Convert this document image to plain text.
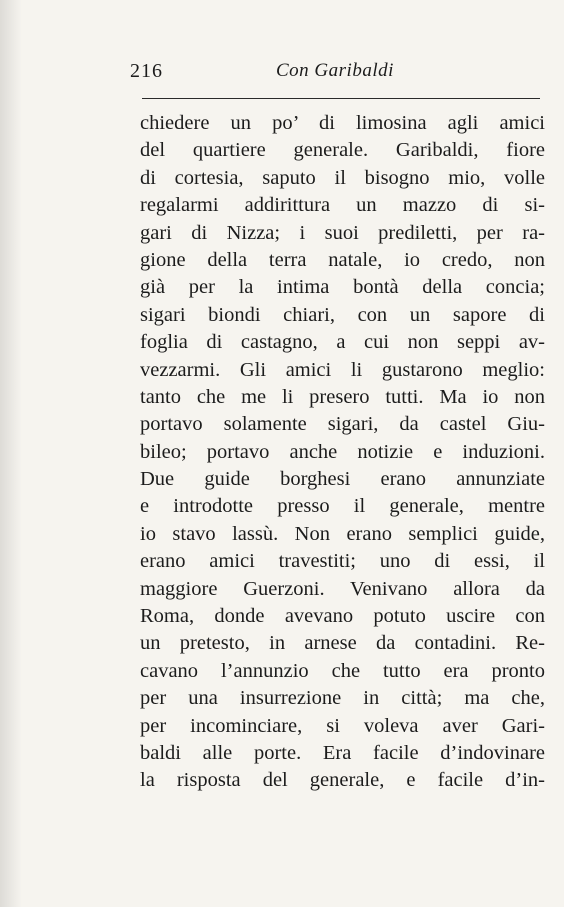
216	Con Garibaldi
chiedere un po’ di limosina agli amici
del quartiere generale. Garibaldi, fiore
di cortesia, saputo il bisogno mio, volle
regalarmi addirittura un mazzo di si-
gari di Nizza; i suoi prediletti, per ra-
gione della terra natale, io credo, non
già per la intima bontà della concia;
sigari biondi chiari, con un sapore di
foglia di castagno, a cui non seppi av-
vezzarmi. Gli amici li gustarono meglio:
tanto che me li presero tutti. Ma io non
portavo solamente sigari, da castel Giu-
bileo; portavo anche notizie e induzioni.
Due guide borghesi erano annunziate
e introdotte presso il generale, mentre
io stavo lassù. Non erano semplici guide,
erano amici travestiti; uno di essi, il
maggiore Guerzoni. Venivano allora da
Roma, donde avevano potuto uscire con
un pretesto, in arnese da contadini. Re-
cavano l’annunzio che tutto era pronto
per una insurrezione in città; ma che,
per incominciare, si voleva aver Gari-
baldi alle porte. Era facile d’indovinare
la risposta del generale, e facile d’in-
